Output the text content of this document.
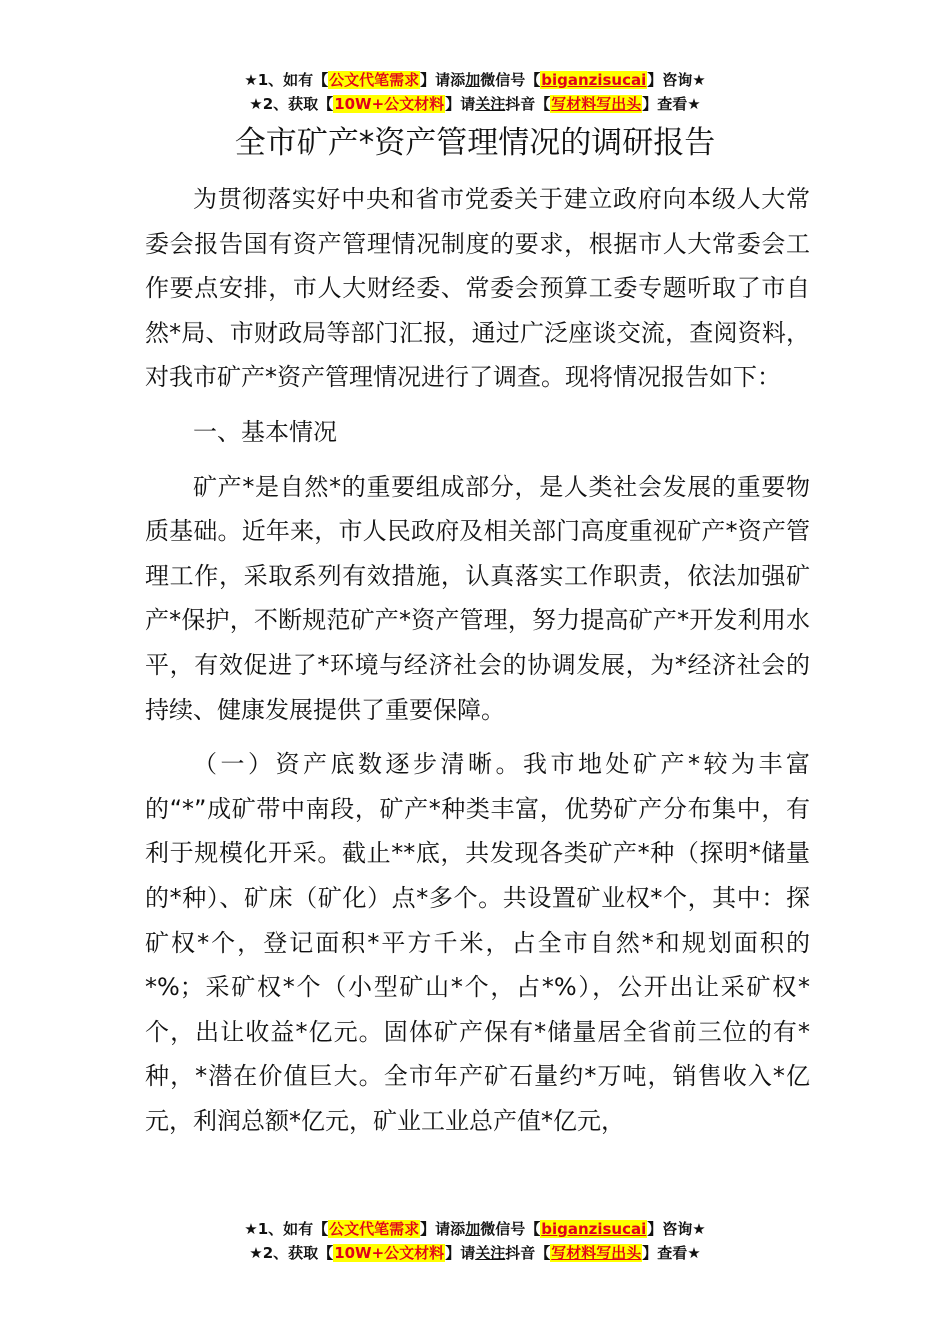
★1、如有【公文代笔需求】请添加微信号【biganzisucai】咨询★
★2、获取【10W+公文材料】请关注抖音【写材料写出头】查看★
全市矿产*资产管理情况的调研报告

为贯彻落实好中央和省市党委关于建立政府向本级人大常委会报告国有资产管理情况制度的要求，根据市人大常委会工作要点安排，市人大财经委、常委会预算工委专题听取了市自然*局、市财政局等部门汇报，通过广泛座谈交流，查阅资料，对我市矿产*资产管理情况进行了调查。现将情况报告如下：

一、基本情况

矿产*是自然*的重要组成部分，是人类社会发展的重要物质基础。近年来，市人民政府及相关部门高度重视矿产*资产管理工作，采取系列有效措施，认真落实工作职责，依法加强矿产*保护，不断规范矿产*资产管理，努力提高矿产*开发利用水平，有效促进了*环境与经济社会的协调发展，为*经济社会的持续、健康发展提供了重要保障。

（一）资产底数逐步清晰。我市地处矿产*较为丰富的“*”成矿带中南段，矿产*种类丰富，优势矿产分布集中，有利于规模化开采。截止**底，共发现各类矿产*种（探明*储量的*种）、矿床（矿化）点*多个。共设置矿业权*个，其中：探矿权*个，登记面积*平方千米，占全市自然*和规划面积的*%；采矿权*个（小型矿山*个，占*%），公开出让采矿权*个，出让收益*亿元。固体矿产保有*储量居全省前三位的有*种，*潜在价值巨大。全市年产矿石量约*万吨，销售收入*亿元，利润总额*亿元，矿业工业总产值*亿元，

★1、如有【公文代笔需求】请添加微信号【biganzisucai】咨询★
★2、获取【10W+公文材料】请关注抖音【写材料写出头】查看★
